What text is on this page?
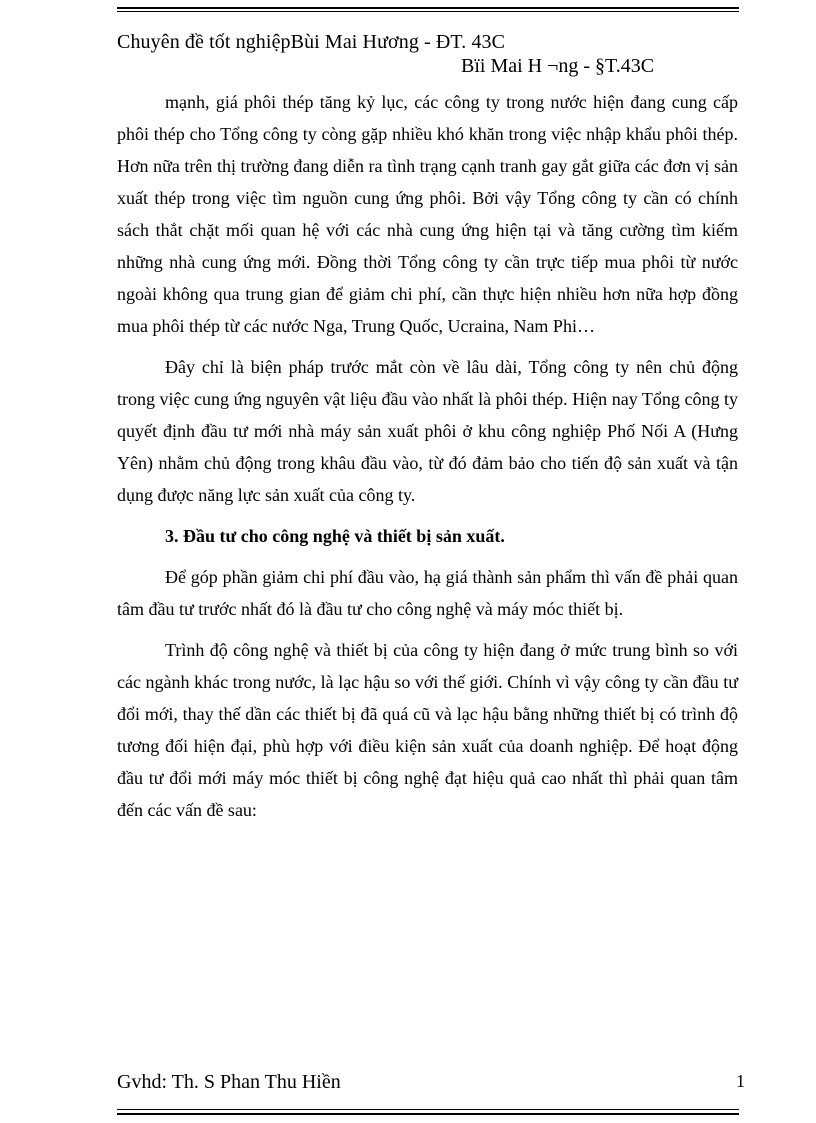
Chuyên đề tốt nghiệpBùi Mai Hương - ĐT. 43C
Bïi Mai H ¬ng - §T.43C

mạnh, giá phôi thép tăng kỷ lục, các công ty trong nước hiện đang cung cấp phôi thép cho Tổng công ty còng gặp nhiều khó khăn trong việc nhập khẩu phôi thép. Hơn nữa trên thị trường đang diễn ra tình trạng cạnh tranh gay gắt giữa các đơn vị sản xuất thép trong việc tìm nguồn cung ứng phôi. Bởi vậy Tổng công ty cần có chính sách thắt chặt mối quan hệ với các nhà cung ứng hiện tại và tăng cường tìm kiếm những nhà cung ứng mới. Đồng thời Tổng công ty cần trực tiếp mua phôi từ nước ngoài không qua trung gian để giảm chi phí, cần thực hiện nhiều hơn nữa hợp đồng mua phôi thép từ các nước Nga, Trung Quốc, Ucraina, Nam Phi…

Đây chỉ là biện pháp trước mắt còn về lâu dài, Tổng công ty nên chủ động trong việc cung ứng nguyên vật liệu đầu vào nhất là phôi thép. Hiện nay Tổng công ty quyết định đầu tư mới nhà máy sản xuất phôi ở khu công nghiệp Phố Nối A (Hưng Yên) nhằm chủ động trong khâu đầu vào, từ đó đảm bảo cho tiến độ sản xuất và tận dụng được năng lực sản xuất của công ty.

3. Đầu tư cho công nghệ và thiết bị sản xuất.

Để góp phần giảm chi phí đầu vào, hạ giá thành sản phẩm thì vấn đề phải quan tâm đầu tư trước nhất đó là đầu tư cho công nghệ và máy móc thiết bị.

Trình độ công nghệ và thiết bị của công ty hiện đang ở mức trung bình so với các ngành khác trong nước, là lạc hậu so với thế giới. Chính vì vậy công ty cần đầu tư đổi mới, thay thế dần các thiết bị đã quá cũ và lạc hậu bằng những thiết bị có trình độ tương đối hiện đại, phù hợp với điều kiện sản xuất của doanh nghiệp. Để hoạt động đầu tư đổi mới máy móc thiết bị công nghệ đạt hiệu quả cao nhất thì phải quan tâm đến các vấn đề sau:

Gvhd: Th. S Phan Thu Hiền	1
